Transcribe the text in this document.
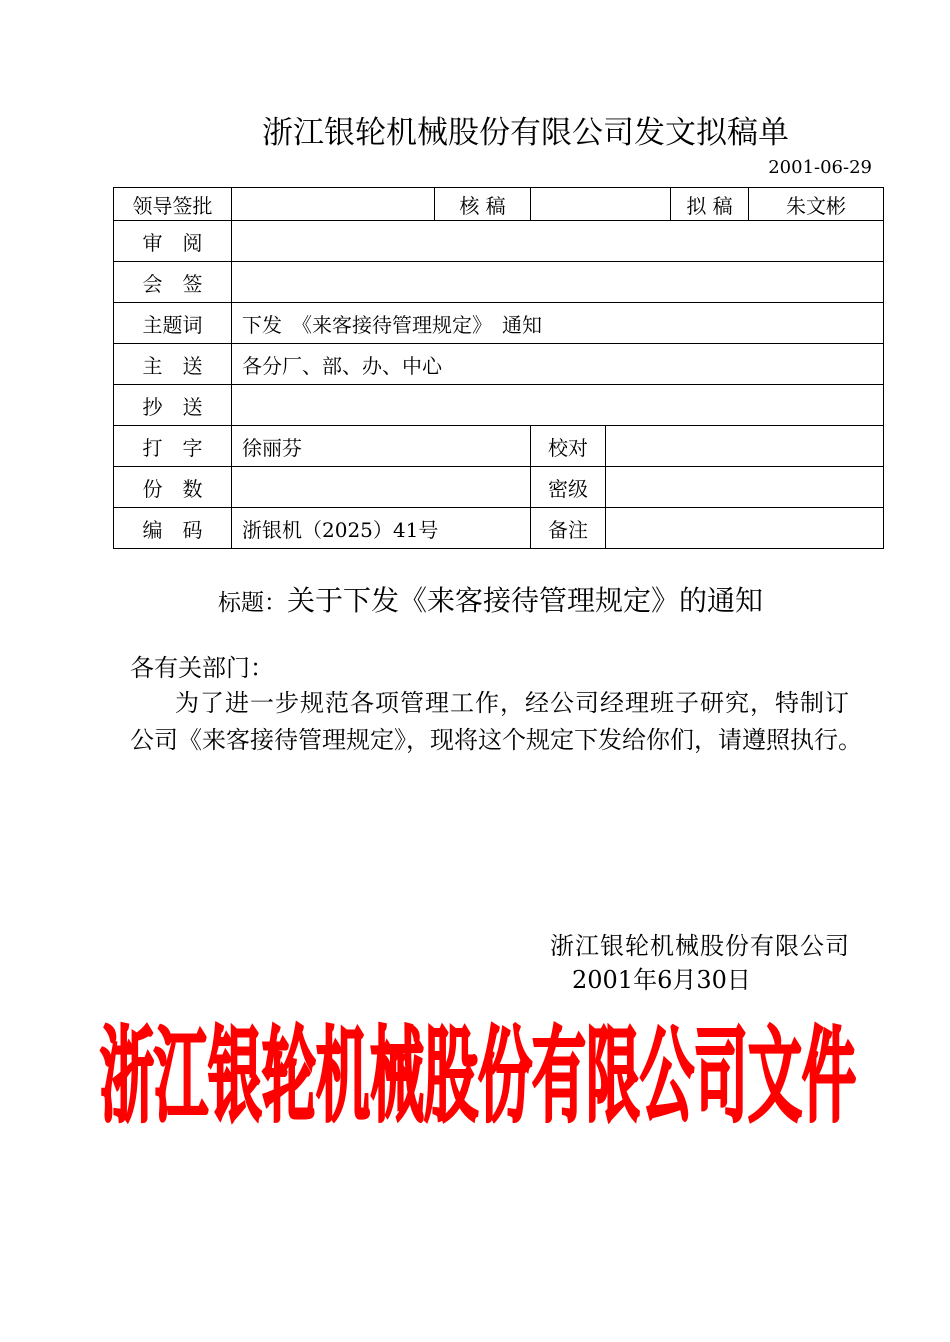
浙江银轮机械股份有限公司发文拟稿单
2001-06-29
领导签批		核 稿			拟 稿	朱文彬
审　阅						
会　签						
主题词	下发　《来客接待管理规定》　通知					
主　送	各分厂、部、办、中心					
抄　送						
打　字	徐丽芬		校对			
份　数			密级			
编　码	浙银机（2025）41号		备注			
标题：关于下发《来客接待管理规定》的通知
各有关部门：
为了进一步规范各项管理工作，经公司经理班子研究，特制订
公司《来客接待管理规定》，现将这个规定下发给你们，请遵照执行。
浙江银轮机械股份有限公司
2001年6月30日
浙江银轮机械股份有限公司文件
